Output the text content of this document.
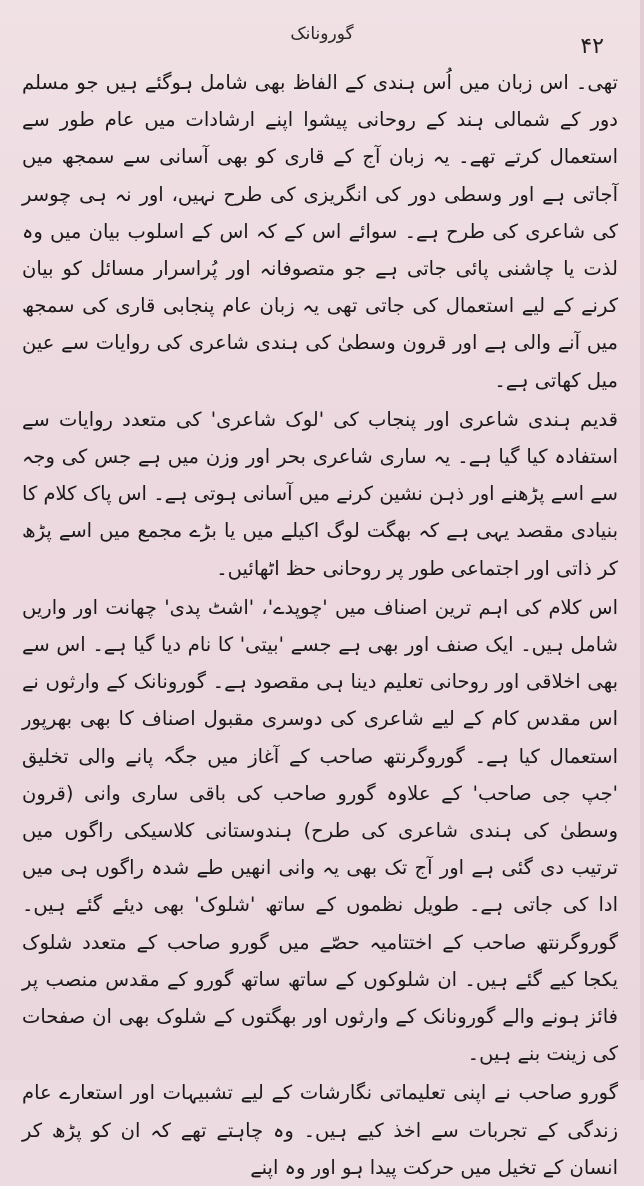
گورونانک	۴۲

تھی۔ اس زبان میں اُس ہندی کے الفاظ بھی شامل ہوگئے ہیں جو مسلم دور کے شمالی ہند کے روحانی پیشوا اپنے ارشادات میں عام طور سے استعمال کرتے تھے۔ یہ زبان آج کے قاری کو بھی آسانی سے سمجھ میں آجاتی ہے اور وسطی دور کی انگریزی کی طرح نہیں، اور نہ ہی چوسر کی شاعری کی طرح ہے۔ سوائے اس کے کہ اس کے اسلوب بیان میں وہ لذت یا چاشنی پائی جاتی ہے جو متصوفانہ اور پُراسرار مسائل کو بیان کرنے کے لیے استعمال کی جاتی تھی یہ زبان عام پنجابی قاری کی سمجھ میں آنے والی ہے اور قرون وسطیٰ کی ہندی شاعری کی روایات سے عین میل کھاتی ہے۔

قدیم ہندی شاعری اور پنجاب کی 'لوک شاعری' کی متعدد روایات سے استفادہ کیا گیا ہے۔ یہ ساری شاعری بحر اور وزن میں ہے جس کی وجہ سے اسے پڑھنے اور ذہن نشین کرنے میں آسانی ہوتی ہے۔ اس پاک کلام کا بنیادی مقصد یہی ہے کہ بھگت لوگ اکیلے میں یا بڑے مجمع میں اسے پڑھ کر ذاتی اور اجتماعی طور پر روحانی حظ اٹھائیں۔

اس کلام کی اہم ترین اصناف میں 'چوپدے'، 'اشٹ پدی' چھانت اور واریں شامل ہیں۔ ایک صنف اور بھی ہے جسے 'بیتی' کا نام دیا گیا ہے۔ اس سے بھی اخلاقی اور روحانی تعلیم دینا ہی مقصود ہے۔ گورونانک کے وارثوں نے اس مقدس کام کے لیے شاعری کی دوسری مقبول اصناف کا بھی بھرپور استعمال کیا ہے۔ گوروگرنتھ صاحب کے آغاز میں جگہ پانے والی تخلیق 'جپ جی صاحب' کے علاوہ گورو صاحب کی باقی ساری وانی (قرون وسطیٰ کی ہندی شاعری کی طرح) ہندوستانی کلاسیکی راگوں میں ترتیب دی گئی ہے اور آج تک بھی یہ وانی انھیں طے شدہ راگوں ہی میں ادا کی جاتی ہے۔ طویل نظموں کے ساتھ 'شلوک' بھی دیئے گئے ہیں۔ گوروگرنتھ صاحب کے اختتامیہ حصّے میں گورو صاحب کے متعدد شلوک یکجا کیے گئے ہیں۔ ان شلوکوں کے ساتھ ساتھ گورو کے مقدس منصب پر فائز ہونے والے گورونانک کے وارثوں اور بھگتوں کے شلوک بھی ان صفحات کی زینت بنے ہیں۔

گورو صاحب نے اپنی تعلیماتی نگارشات کے لیے تشبیہات اور استعارے عام زندگی کے تجربات سے اخذ کیے ہیں۔ وہ چاہتے تھے کہ ان کو پڑھ کر انسان کے تخیل میں حرکت پیدا ہو اور وہ اپنے
